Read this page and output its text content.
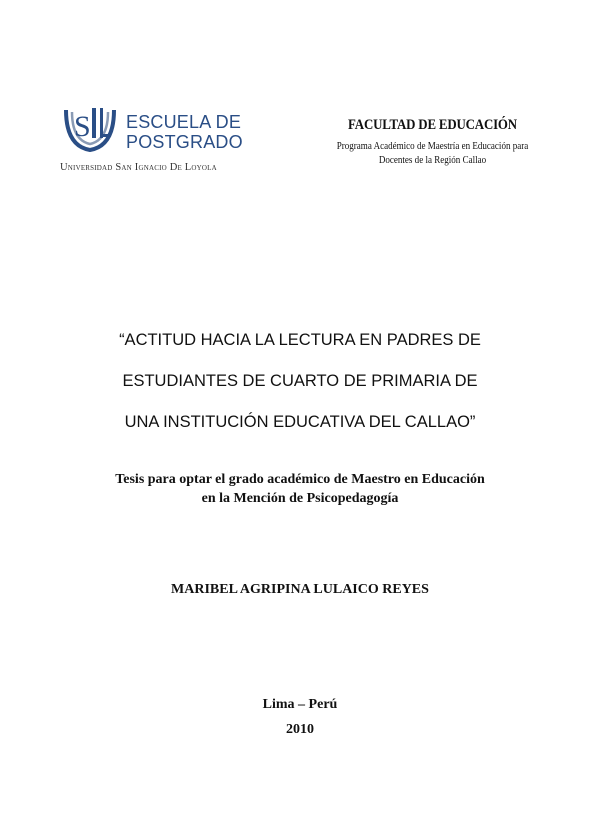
S ESCUELA DE
POSTGRADO
Universidad San Ignacio De Loyola
FACULTAD DE EDUCACIÓN
Programa Académico de Maestría en Educación para
Docentes de la Región Callao
“ACTITUD HACIA LA LECTURA EN PADRES DE
ESTUDIANTES DE CUARTO DE PRIMARIA DE
UNA INSTITUCIÓN EDUCATIVA DEL CALLAO”
Tesis para optar el grado académico de Maestro en Educación
en la Mención de Psicopedagogía
MARIBEL AGRIPINA LULAICO REYES
Lima – Perú
2010
